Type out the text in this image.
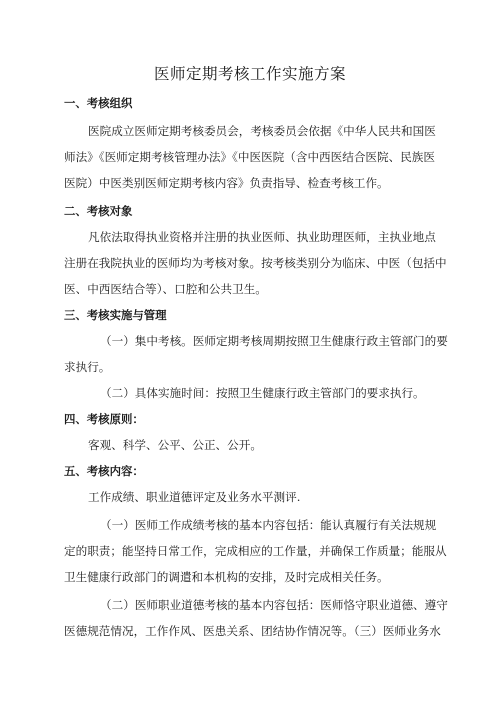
医师定期考核工作实施方案
一、考核组织
医院成立医师定期考核委员会，考核委员会依据《中华人民共和国医
师法》《医师定期考核管理办法》《中医医院（含中西医结合医院、民族医
医院）中医类别医师定期考核内容》负责指导、检查考核工作。
二、考核对象
凡依法取得执业资格并注册的执业医师、执业助理医师，主执业地点
注册在我院执业的医师均为考核对象。按考核类别分为临床、中医（包括中
医、中西医结合等）、口腔和公共卫生。
三、考核实施与管理
（一）集中考核。医师定期考核周期按照卫生健康行政主管部门的要
求执行。
（二）具体实施时间：按照卫生健康行政主管部门的要求执行。
四、考核原则：
客观、科学、公平、公正、公开。
五、考核内容：
工作成绩、职业道德评定及业务水平测评.
（一）医师工作成绩考核的基本内容包括：能认真履行有关法规规
定的职责；能坚持日常工作，完成相应的工作量，并确保工作质量；能服从
卫生健康行政部门的调遣和本机构的安排，及时完成相关任务。
（二）医师职业道德考核的基本内容包括：医师恪守职业道德、遵守
医德规范情况，工作作风、医患关系、团结协作情况等。（三）医师业务水
